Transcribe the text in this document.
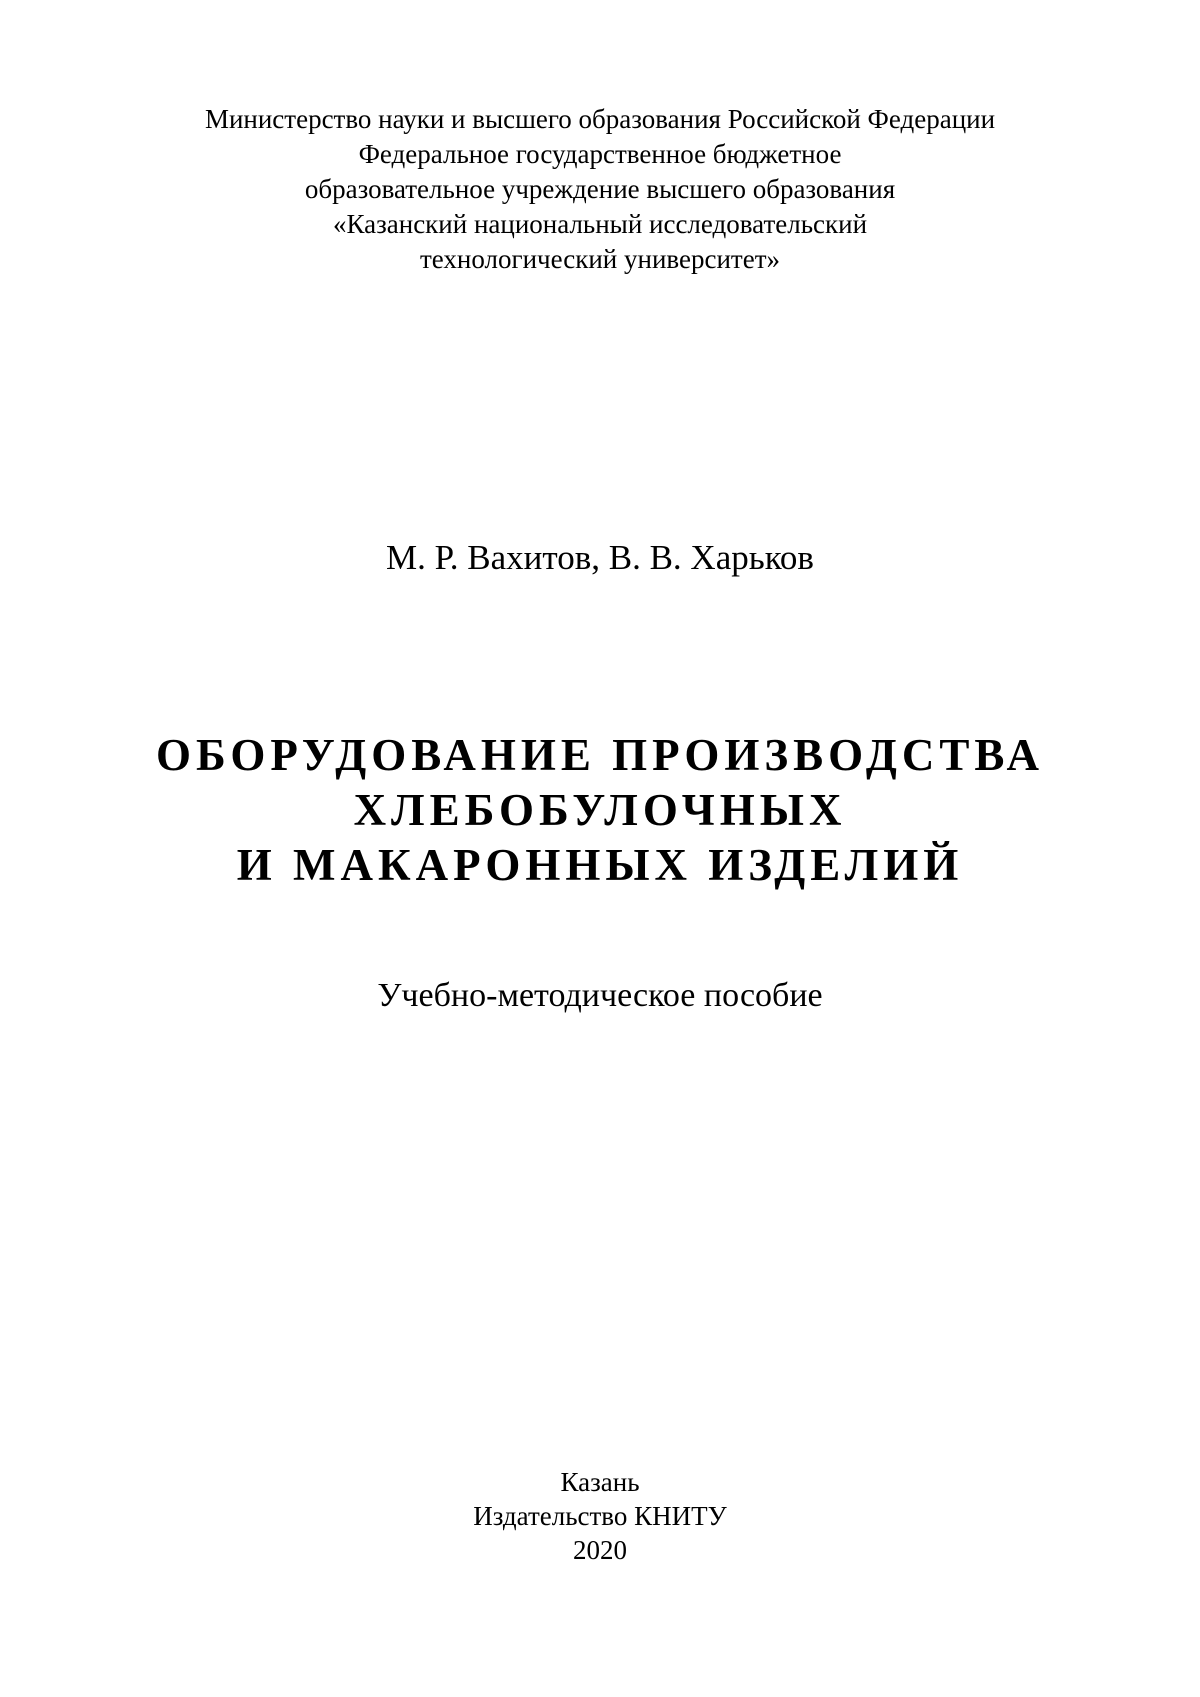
Министерство науки и высшего образования Российской Федерации
Федеральное государственное бюджетное
образовательное учреждение высшего образования
«Казанский национальный исследовательский
технологический университет»
М. Р. Вахитов, В. В. Харьков
ОБОРУДОВАНИЕ ПРОИЗВОДСТВА
ХЛЕБОБУЛОЧНЫХ
И МАКАРОННЫХ ИЗДЕЛИЙ
Учебно-методическое пособие
Казань
Издательство КНИТУ
2020
